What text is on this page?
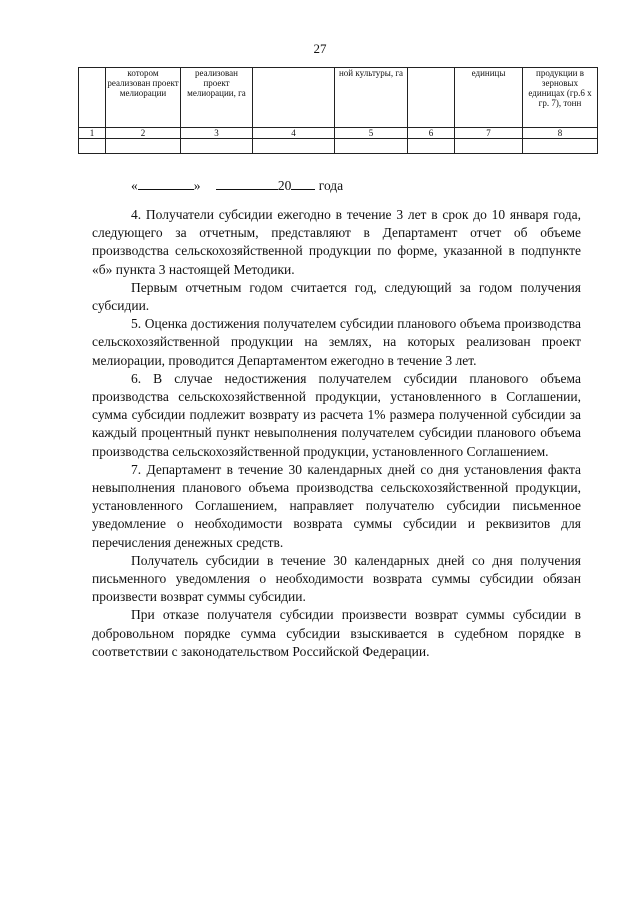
27
	котором реализован проект мелиорации	реализован проект мелиорации, га		ной культуры, га		единицы	продукции в зерновых единицах (гр.6 х гр. 7), тонн
1	2	3	4	5	6	7	8

«	»	20 года

4. Получатели субсидии ежегодно в течение 3 лет в срок до 10 января года, следующего за отчетным, представляют в Департамент отчет об объеме производства сельскохозяйственной продукции по форме, указанной в подпункте «б» пункта 3 настоящей Методики.

Первым отчетным годом считается год, следующий за годом получения субсидии.

5. Оценка достижения получателем субсидии планового объема производства сельскохозяйственной продукции на землях, на которых реализован проект мелиорации, проводится Департаментом ежегодно в течение 3 лет.

6. В случае недостижения получателем субсидии планового объема производства сельскохозяйственной продукции, установленного в Соглашении, сумма субсидии подлежит возврату из расчета 1% размера полученной субсидии за каждый процентный пункт невыполнения получателем субсидии планового объема производства сельскохозяйственной продукции, установленного Соглашением.

7. Департамент в течение 30 календарных дней со дня установления факта невыполнения планового объема производства сельскохозяйственной продукции, установленного Соглашением, направляет получателю субсидии письменное уведомление о необходимости возврата суммы субсидии и реквизитов для перечисления денежных средств.

Получатель субсидии в течение 30 календарных дней со дня получения письменного уведомления о необходимости возврата суммы субсидии обязан произвести возврат суммы субсидии.

При отказе получателя субсидии произвести возврат суммы субсидии в добровольном порядке сумма субсидии взыскивается в судебном порядке в соответствии с законодательством Российской Федерации.
